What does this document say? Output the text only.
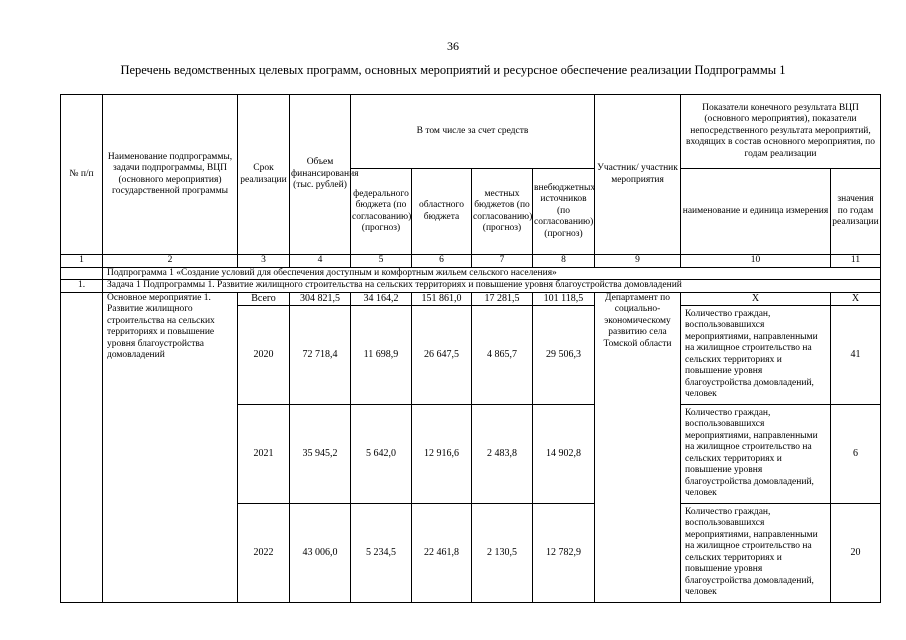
36
Перечень ведомственных целевых программ, основных мероприятий и ресурсное обеспечение реализации Подпрограммы 1
№ п/п	Наименование подпрограммы, задачи подпрограммы, ВЦП (основного мероприятия) государственной программы	Срок реализации	Объем финансирования (тыс. рублей)	В том числе за счет средств				Участник/ участник мероприятия	Показатели конечного результата ВЦП (основного мероприятия), показатели непосредственного результата мероприятий, входящих в состав основного мероприятия, по годам реализации	
				федерального бюджета (по согласованию) (прогноз)	областного бюджета	местных бюджетов (по согласованию) (прогноз)	внебюджетных источников (по согласованию) (прогноз)		наименование и единица измерения	значения по годам реализации
1	2	3	4	5	6	7	8	9	10	11
	Подпрограмма 1 «Создание условий для обеспечения доступным и комфортным жильем сельского населения»									
1.	Задача 1 Подпрограммы 1. Развитие жилищного строительства на сельских территориях и повышение уровня благоустройства домовладений									
	Основное мероприятие 1. Развитие жилищного строительства на сельских территориях и повышение уровня благоустройства домовладений	Всего	304 821,5	34 164,2	151 861,0	17 281,5	101 118,5	Департамент по социально-экономическому развитию села Томской области	Х	Х
		2020	72 718,4	11 698,9	26 647,5	4 865,7	29 506,3		Количество граждан, воспользовавшихся мероприятиями, направленными на жилищное строительство на сельских территориях и повышение уровня благоустройства домовладений, человек	41
		2021	35 945,2	5 642,0	12 916,6	2 483,8	14 902,8		Количество граждан, воспользовавшихся мероприятиями, направленными на жилищное строительство на сельских территориях и повышение уровня благоустройства домовладений, человек	6
		2022	43 006,0	5 234,5	22 461,8	2 130,5	12 782,9		Количество граждан, воспользовавшихся мероприятиями, направленными на жилищное строительство на сельских территориях и повышение уровня благоустройства домовладений, человек	20
